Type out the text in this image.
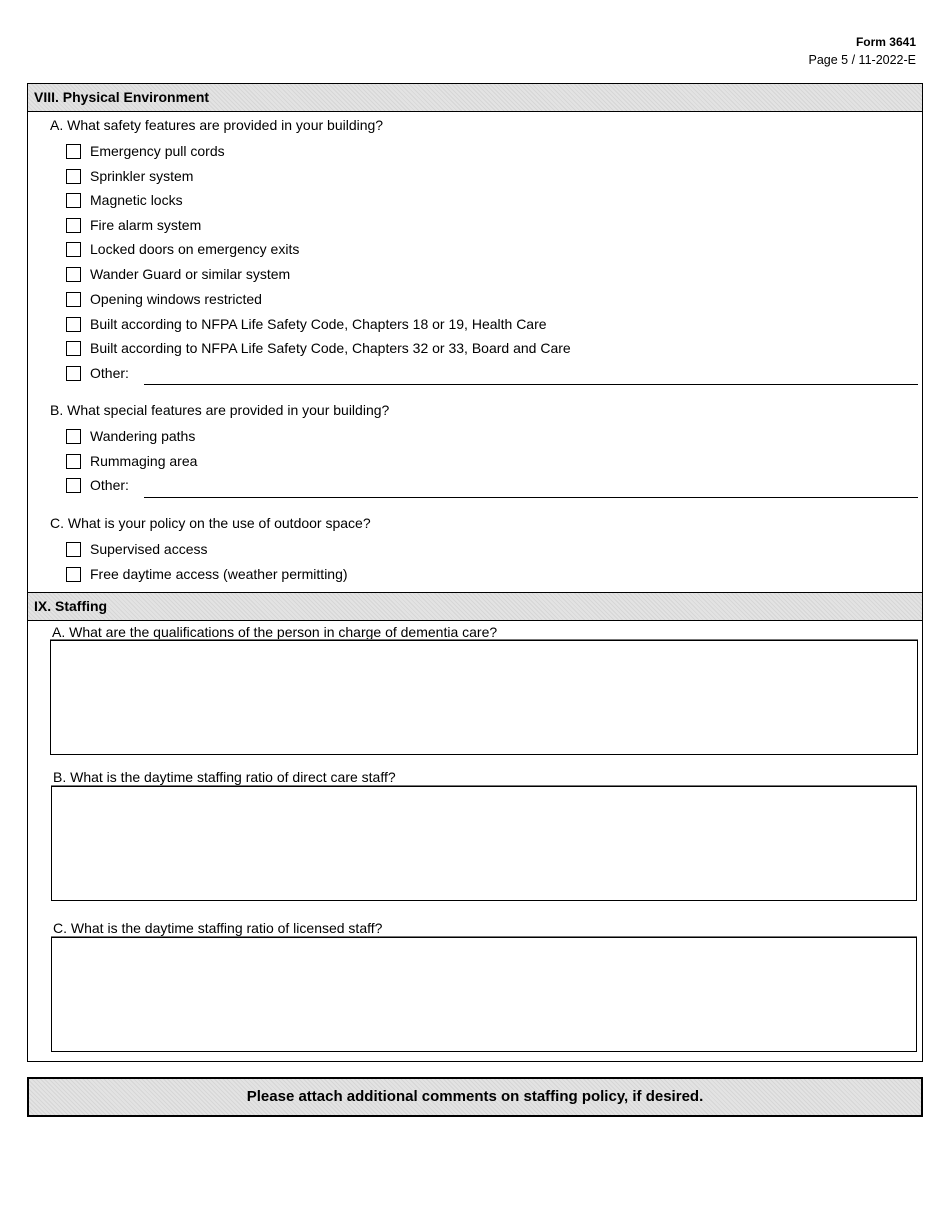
Form 3641
Page 5 / 11-2022-E
VIII. Physical Environment
A. What safety features are provided in your building?
Emergency pull cords
Sprinkler system
Magnetic locks
Fire alarm system
Locked doors on emergency exits
Wander Guard or similar system
Opening windows restricted
Built according to NFPA Life Safety Code, Chapters 18 or 19, Health Care
Built according to NFPA Life Safety Code, Chapters 32 or 33, Board and Care
Other:
B. What special features are provided in your building?
Wandering paths
Rummaging area
Other:
C. What is your policy on the use of outdoor space?
Supervised access
Free daytime access (weather permitting)
IX. Staffing
A. What are the qualifications of the person in charge of dementia care?
B. What is the daytime staffing ratio of direct care staff?
C. What is the daytime staffing ratio of licensed staff?
Please attach additional comments on staffing policy, if desired.
